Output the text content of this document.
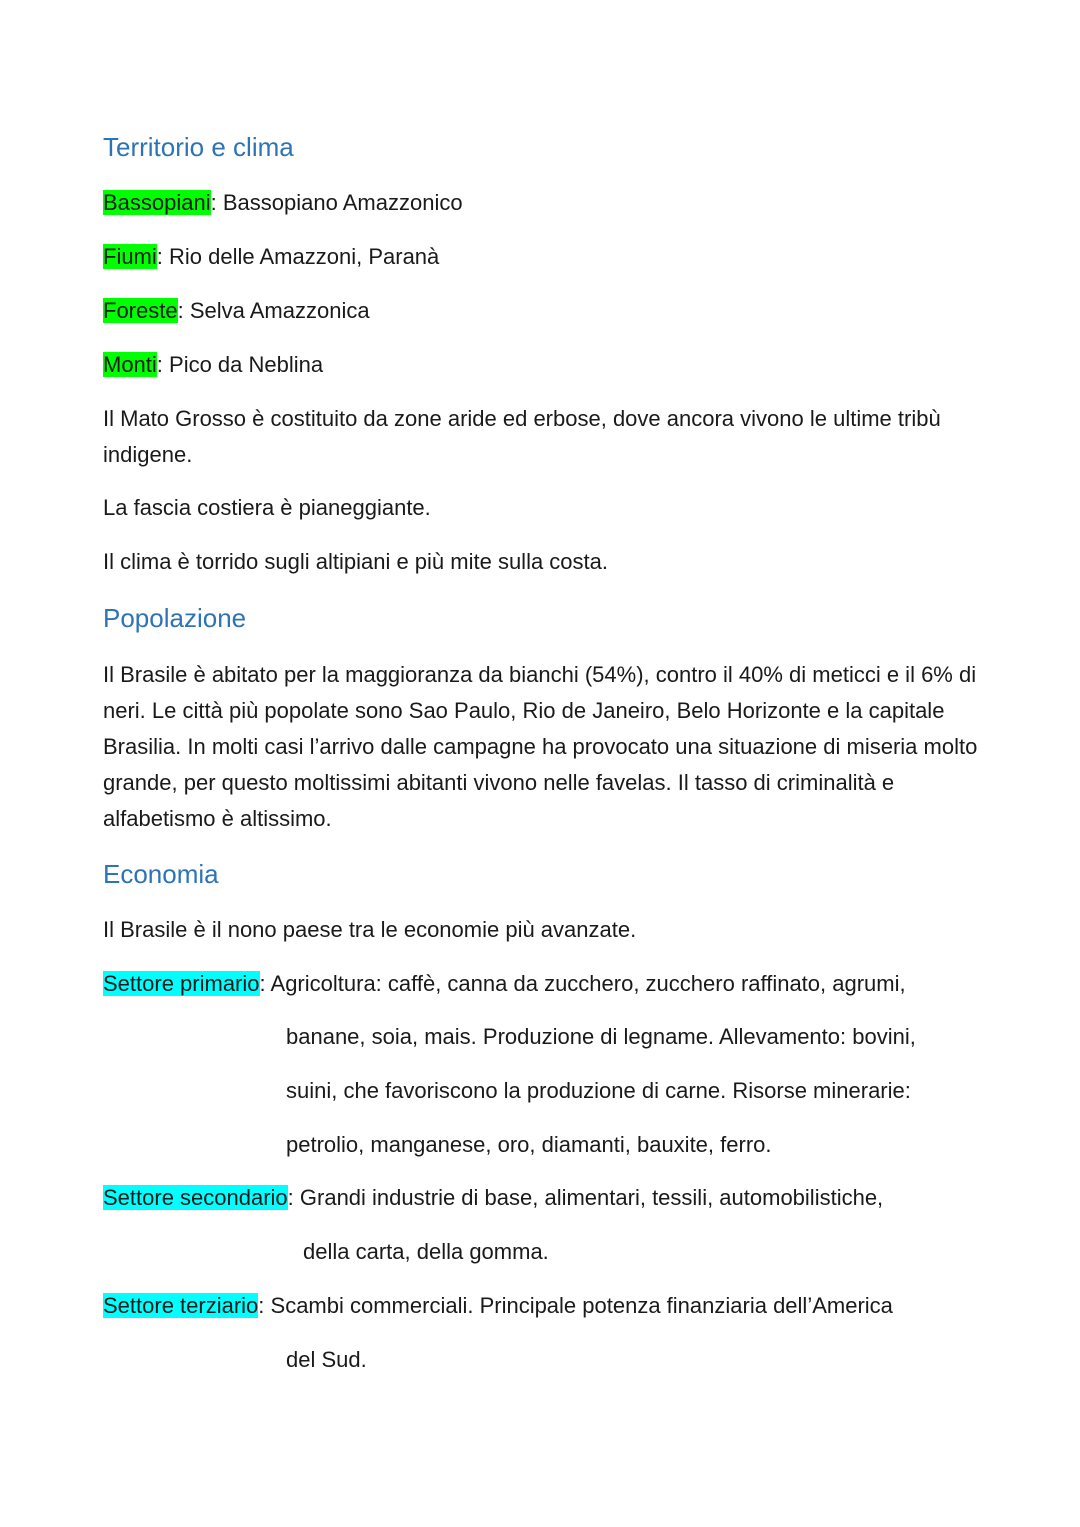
Territorio e clima
Bassopiani: Bassopiano Amazzonico
Fiumi: Rio delle Amazzoni, Paranà
Foreste: Selva Amazzonica
Monti: Pico da Neblina
Il Mato Grosso è costituito da zone aride ed erbose, dove ancora vivono le ultime tribù indigene.
La fascia costiera è pianeggiante.
Il clima è torrido sugli altipiani e più mite sulla costa.
Popolazione
Il Brasile è abitato per la maggioranza da bianchi (54%), contro il 40% di meticci e il 6% di neri. Le città più popolate sono Sao Paulo, Rio de Janeiro, Belo Horizonte e la capitale Brasilia. In molti casi l’arrivo dalle campagne ha provocato una situazione di miseria molto grande, per questo moltissimi abitanti vivono nelle favelas. Il tasso di criminalità e alfabetismo è altissimo.
Economia
Il Brasile è il nono paese tra le economie più avanzate.
Settore primario: Agricoltura: caffè, canna da zucchero, zucchero raffinato, agrumi,
banane, soia, mais. Produzione di legname. Allevamento: bovini,
suini, che favoriscono la produzione di carne. Risorse minerarie:
petrolio, manganese, oro, diamanti, bauxite, ferro.
Settore secondario: Grandi industrie di base, alimentari, tessili, automobilistiche,
della carta, della gomma.
Settore terziario: Scambi commerciali. Principale potenza finanziaria dell’America
del Sud.
